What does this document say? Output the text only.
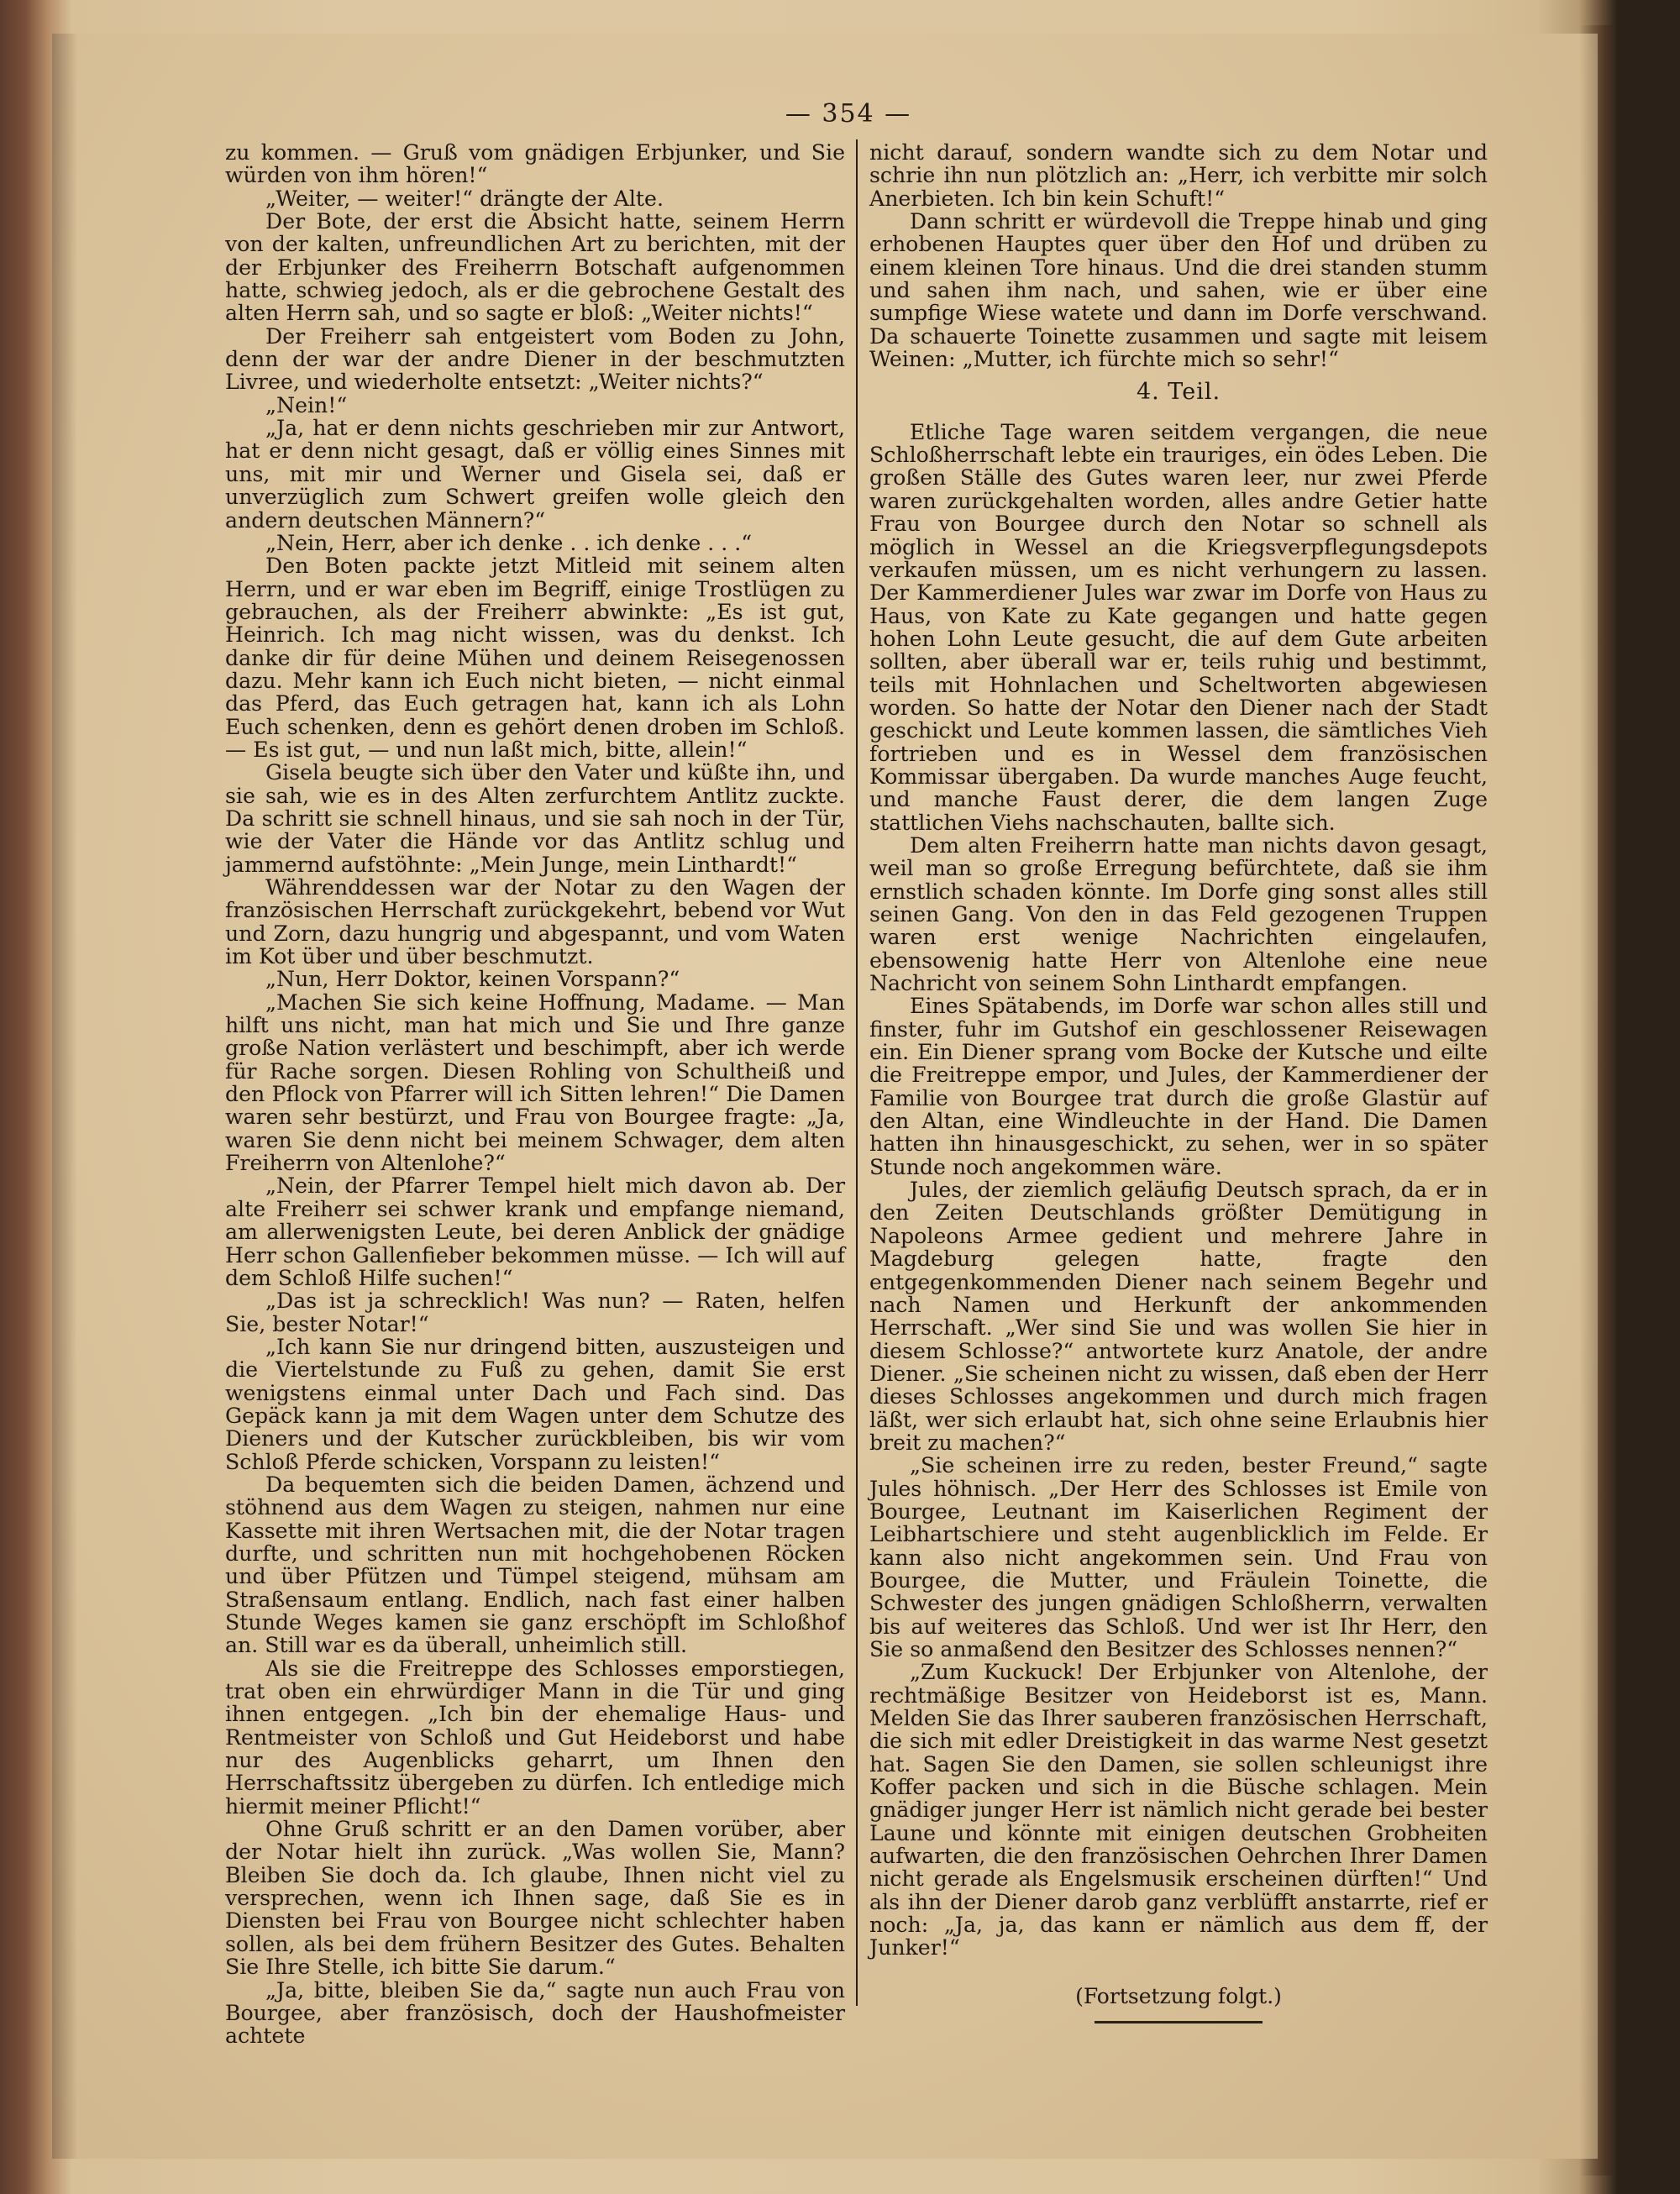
— 354 —

zu kommen. — Gruß vom gnädigen Erbjunker, und Sie würden von ihm hören!“

„Weiter, — weiter!“ drängte der Alte.

Der Bote, der erst die Absicht hatte, seinem Herrn von der kalten, unfreundlichen Art zu berichten, mit der der Erbjunker des Freiherrn Botschaft aufgenommen hatte, schwieg jedoch, als er die gebrochene Gestalt des alten Herrn sah, und so sagte er bloß: „Weiter nichts!“

Der Freiherr sah entgeistert vom Boden zu John, denn der war der andre Diener in der beschmutzten Livree, und wiederholte entsetzt: „Weiter nichts?“

„Nein!“

„Ja, hat er denn nichts geschrieben mir zur Antwort, hat er denn nicht gesagt, daß er völlig eines Sinnes mit uns, mit mir und Werner und Gisela sei, daß er unverzüglich zum Schwert greifen wolle gleich den andern deutschen Männern?“

„Nein, Herr, aber ich denke . . ich denke . . .“

Den Boten packte jetzt Mitleid mit seinem alten Herrn, und er war eben im Begriff, einige Trostlügen zu gebrauchen, als der Freiherr abwinkte: „Es ist gut, Heinrich. Ich mag nicht wissen, was du denkst. Ich danke dir für deine Mühen und deinem Reisegenossen dazu. Mehr kann ich Euch nicht bieten, — nicht einmal das Pferd, das Euch getragen hat, kann ich als Lohn Euch schenken, denn es gehört denen droben im Schloß. — Es ist gut, — und nun laßt mich, bitte, allein!“

Gisela beugte sich über den Vater und küßte ihn, und sie sah, wie es in des Alten zerfurchtem Antlitz zuckte. Da schritt sie schnell hinaus, und sie sah noch in der Tür, wie der Vater die Hände vor das Antlitz schlug und jammernd aufstöhnte: „Mein Junge, mein Linthardt!“

Währenddessen war der Notar zu den Wagen der französischen Herrschaft zurückgekehrt, bebend vor Wut und Zorn, dazu hungrig und abgespannt, und vom Waten im Kot über und über beschmutzt.

„Nun, Herr Doktor, keinen Vorspann?“

„Machen Sie sich keine Hoffnung, Madame. — Man hilft uns nicht, man hat mich und Sie und Ihre ganze große Nation verlästert und beschimpft, aber ich werde für Rache sorgen. Diesen Rohling von Schultheiß und den Pflock von Pfarrer will ich Sitten lehren!“ Die Damen waren sehr bestürzt, und Frau von Bourgee fragte: „Ja, waren Sie denn nicht bei meinem Schwager, dem alten Freiherrn von Altenlohe?“

„Nein, der Pfarrer Tempel hielt mich davon ab. Der alte Freiherr sei schwer krank und empfange niemand, am allerwenigsten Leute, bei deren Anblick der gnädige Herr schon Gallenfieber bekommen müsse. — Ich will auf dem Schloß Hilfe suchen!“

„Das ist ja schrecklich! Was nun? — Raten, helfen Sie, bester Notar!“

„Ich kann Sie nur dringend bitten, auszusteigen und die Viertelstunde zu Fuß zu gehen, damit Sie erst wenigstens einmal unter Dach und Fach sind. Das Gepäck kann ja mit dem Wagen unter dem Schutze des Dieners und der Kutscher zurückbleiben, bis wir vom Schloß Pferde schicken, Vorspann zu leisten!“

Da bequemten sich die beiden Damen, ächzend und stöhnend aus dem Wagen zu steigen, nahmen nur eine Kassette mit ihren Wertsachen mit, die der Notar tragen durfte, und schritten nun mit hochgehobenen Röcken und über Pfützen und Tümpel steigend, mühsam am Straßensaum entlang. Endlich, nach fast einer halben Stunde Weges kamen sie ganz erschöpft im Schloßhof an. Still war es da überall, unheimlich still.

Als sie die Freitreppe des Schlosses emporstiegen, trat oben ein ehrwürdiger Mann in die Tür und ging ihnen entgegen. „Ich bin der ehemalige Haus- und Rentmeister von Schloß und Gut Heideborst und habe nur des Augenblicks geharrt, um Ihnen den Herrschaftssitz übergeben zu dürfen. Ich entledige mich hiermit meiner Pflicht!“

Ohne Gruß schritt er an den Damen vorüber, aber der Notar hielt ihn zurück. „Was wollen Sie, Mann? Bleiben Sie doch da. Ich glaube, Ihnen nicht viel zu versprechen, wenn ich Ihnen sage, daß Sie es in Diensten bei Frau von Bourgee nicht schlechter haben sollen, als bei dem frühern Besitzer des Gutes. Behalten Sie Ihre Stelle, ich bitte Sie darum.“

„Ja, bitte, bleiben Sie da,“ sagte nun auch Frau von Bourgee, aber französisch, doch der Haushofmeister achtete

nicht darauf, sondern wandte sich zu dem Notar und schrie ihn nun plötzlich an: „Herr, ich verbitte mir solch Anerbieten. Ich bin kein Schuft!“

Dann schritt er würdevoll die Treppe hinab und ging erhobenen Hauptes quer über den Hof und drüben zu einem kleinen Tore hinaus. Und die drei standen stumm und sahen ihm nach, und sahen, wie er über eine sumpfige Wiese watete und dann im Dorfe verschwand. Da schauerte Toinette zusammen und sagte mit leisem Weinen: „Mutter, ich fürchte mich so sehr!“

4. Teil.

Etliche Tage waren seitdem vergangen, die neue Schloßherrschaft lebte ein trauriges, ein ödes Leben. Die großen Ställe des Gutes waren leer, nur zwei Pferde waren zurückgehalten worden, alles andre Getier hatte Frau von Bourgee durch den Notar so schnell als möglich in Wessel an die Kriegsverpflegungsdepots verkaufen müssen, um es nicht verhungern zu lassen. Der Kammerdiener Jules war zwar im Dorfe von Haus zu Haus, von Kate zu Kate gegangen und hatte gegen hohen Lohn Leute gesucht, die auf dem Gute arbeiten sollten, aber überall war er, teils ruhig und bestimmt, teils mit Hohnlachen und Scheltworten abgewiesen worden. So hatte der Notar den Diener nach der Stadt geschickt und Leute kommen lassen, die sämtliches Vieh fortrieben und es in Wessel dem französischen Kommissar übergaben. Da wurde manches Auge feucht, und manche Faust derer, die dem langen Zuge stattlichen Viehs nachschauten, ballte sich.

Dem alten Freiherrn hatte man nichts davon gesagt, weil man so große Erregung befürchtete, daß sie ihm ernstlich schaden könnte. Im Dorfe ging sonst alles still seinen Gang. Von den in das Feld gezogenen Truppen waren erst wenige Nachrichten eingelaufen, ebensowenig hatte Herr von Altenlohe eine neue Nachricht von seinem Sohn Linthardt empfangen.

Eines Spätabends, im Dorfe war schon alles still und finster, fuhr im Gutshof ein geschlossener Reisewagen ein. Ein Diener sprang vom Bocke der Kutsche und eilte die Freitreppe empor, und Jules, der Kammerdiener der Familie von Bourgee trat durch die große Glastür auf den Altan, eine Windleuchte in der Hand. Die Damen hatten ihn hinausgeschickt, zu sehen, wer in so später Stunde noch angekommen wäre.

Jules, der ziemlich geläufig Deutsch sprach, da er in den Zeiten Deutschlands größter Demütigung in Napoleons Armee gedient und mehrere Jahre in Magdeburg gelegen hatte, fragte den entgegenkommenden Diener nach seinem Begehr und nach Namen und Herkunft der ankommenden Herrschaft. „Wer sind Sie und was wollen Sie hier in diesem Schlosse?“ antwortete kurz Anatole, der andre Diener. „Sie scheinen nicht zu wissen, daß eben der Herr dieses Schlosses angekommen und durch mich fragen läßt, wer sich erlaubt hat, sich ohne seine Erlaubnis hier breit zu machen?“

„Sie scheinen irre zu reden, bester Freund,“ sagte Jules höhnisch. „Der Herr des Schlosses ist Emile von Bourgee, Leutnant im Kaiserlichen Regiment der Leibhartschiere und steht augenblicklich im Felde. Er kann also nicht angekommen sein. Und Frau von Bourgee, die Mutter, und Fräulein Toinette, die Schwester des jungen gnädigen Schloßherrn, verwalten bis auf weiteres das Schloß. Und wer ist Ihr Herr, den Sie so anmaßend den Besitzer des Schlosses nennen?“

„Zum Kuckuck! Der Erbjunker von Altenlohe, der rechtmäßige Besitzer von Heideborst ist es, Mann. Melden Sie das Ihrer sauberen französischen Herrschaft, die sich mit edler Dreistigkeit in das warme Nest gesetzt hat. Sagen Sie den Damen, sie sollen schleunigst ihre Koffer packen und sich in die Büsche schlagen. Mein gnädiger junger Herr ist nämlich nicht gerade bei bester Laune und könnte mit einigen deutschen Grobheiten aufwarten, die den französischen Oehrchen Ihrer Damen nicht gerade als Engelsmusik erscheinen dürften!“ Und als ihn der Diener darob ganz verblüfft anstarrte, rief er noch: „Ja, ja, das kann er nämlich aus dem ff, der Junker!“

(Fortsetzung folgt.)
